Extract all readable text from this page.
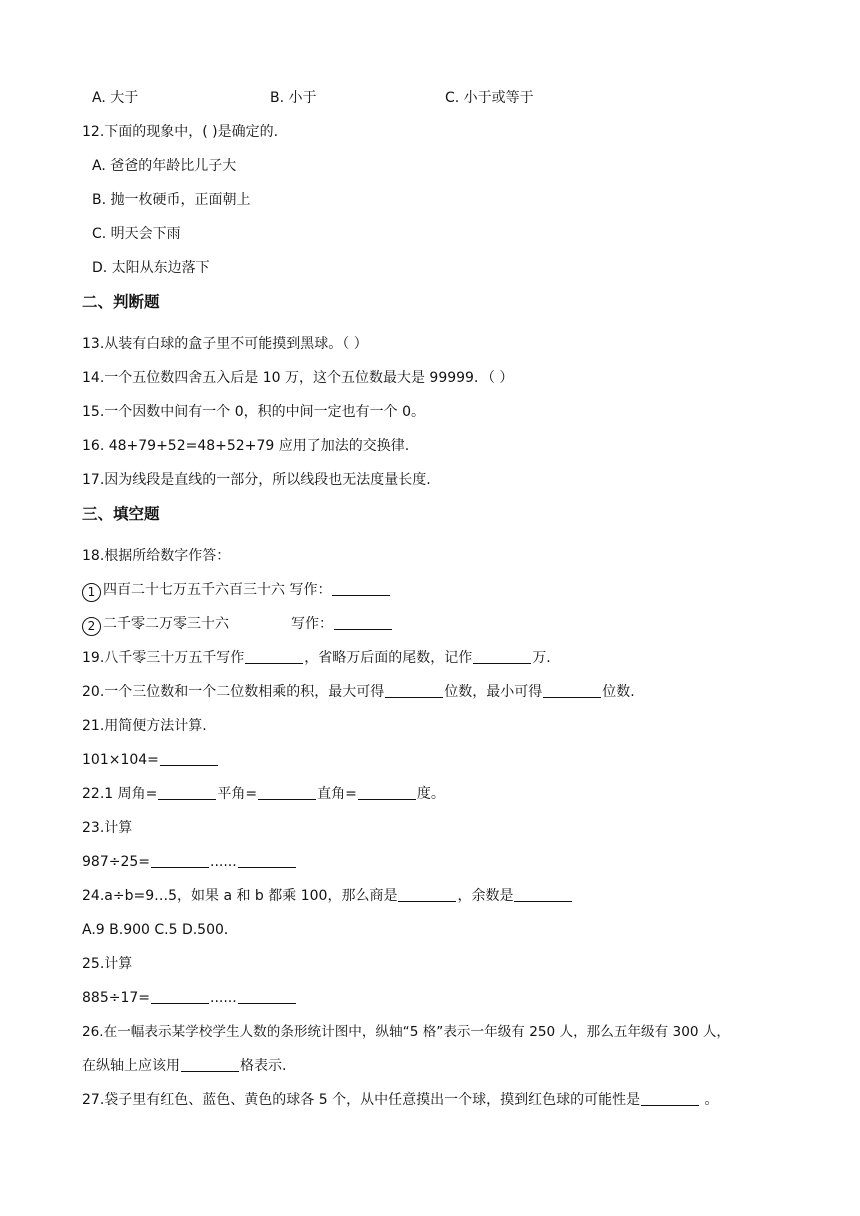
A. 大于	B. 小于	C. 小于或等于
12.下面的现象中，( )是确定的.
A. 爸爸的年龄比儿子大
B. 抛一枚硬币，正面朝上
C. 明天会下雨
D. 太阳从东边落下
二、判断题
13.从装有白球的盒子里不可能摸到黑球。（ ）
14.一个五位数四舍五入后是 10 万，这个五位数最大是 99999．（ ）
15.一个因数中间有一个 0，积的中间一定也有一个 0。
16. 48+79+52=48+52+79 应用了加法的交换律.
17.因为线段是直线的一部分，所以线段也无法度量长度.
三、填空题
18.根据所给数字作答：
1 四百二十七万五千六百三十六 写作：
2 二千零二万零三十六	写作：
19.八千零三十万五千写作	，省略万后面的尾数，记作	万.
20.一个三位数和一个二位数相乘的积，最大可得	位数，最小可得	位数.
21.用简便方法计算.
101×104=
22.1 周角=	平角=	直角=	度。
23.计算
987÷25=	......
24.a÷b=9…5，如果 a 和 b 都乘 100，那么商是	，余数是
A.9 B.900 C.5 D.500．
25.计算
885÷17=	......
26.在一幅表示某学校学生人数的条形统计图中，纵轴“5 格”表示一年级有 250 人，那么五年级有 300 人，
在纵轴上应该用	格表示.
27.袋子里有红色、蓝色、黄色的球各 5 个，从中任意摸出一个球，摸到红色球的可能性是	。
